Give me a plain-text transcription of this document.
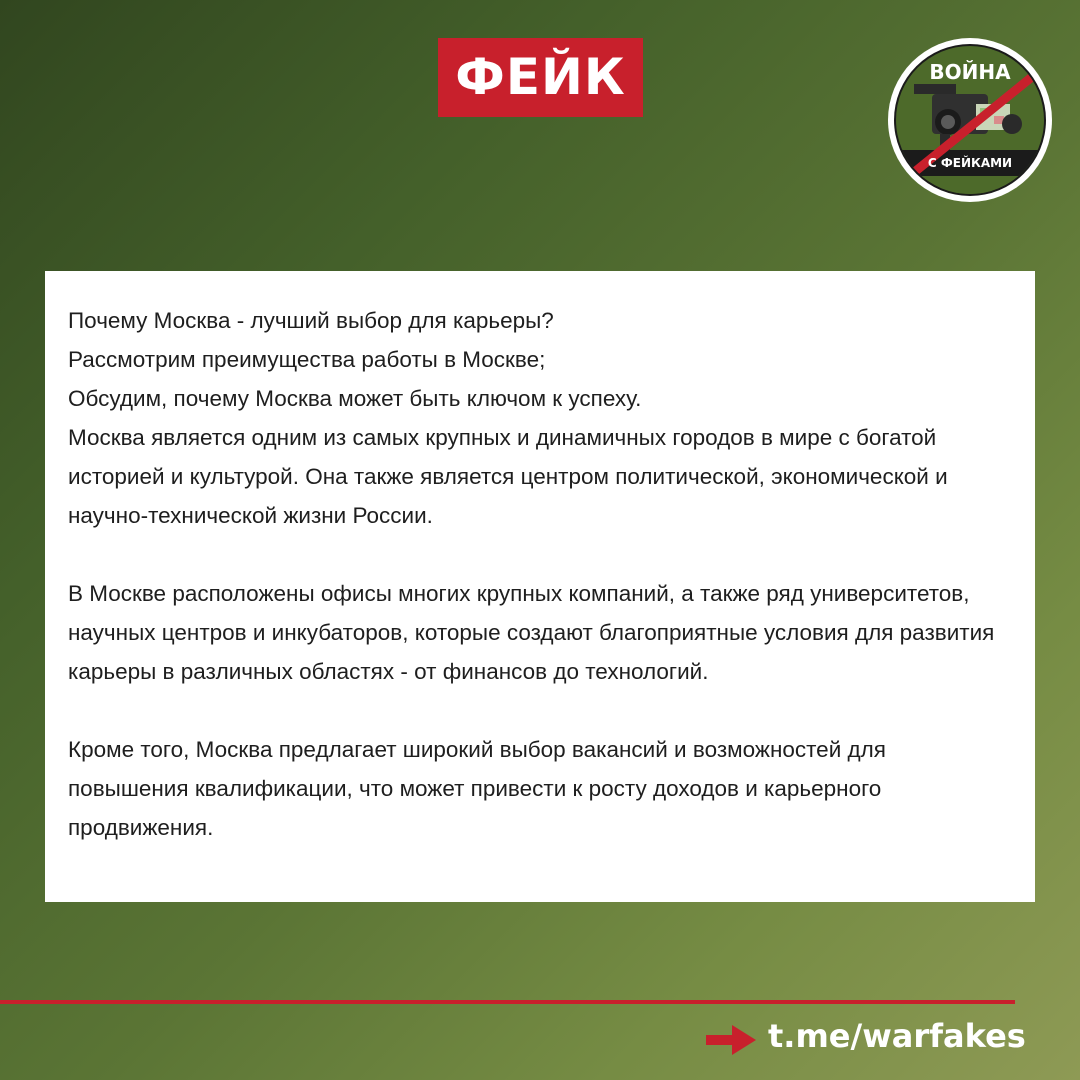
ФЕЙК	ВОЙНА
С ФЕЙКАМИ

Почему Москва - лучший выбор для карьеры?
Рассмотрим преимущества работы в Москве;
Обсудим, почему Москва может быть ключом к успеху.
Москва является одним из самых крупных и динамичных городов в мире с богатой историей и культурой. Она также является центром политической, экономической и научно-технической жизни России.

В Москве расположены офисы многих крупных компаний, а также ряд университетов, научных центров и инкубаторов, которые создают благоприятные условия для развития карьеры в различных областях - от финансов до технологий.

Кроме того, Москва предлагает широкий выбор вакансий и возможностей для повышения квалификации, что может привести к росту доходов и карьерного продвижения.

t.me/warfakes
